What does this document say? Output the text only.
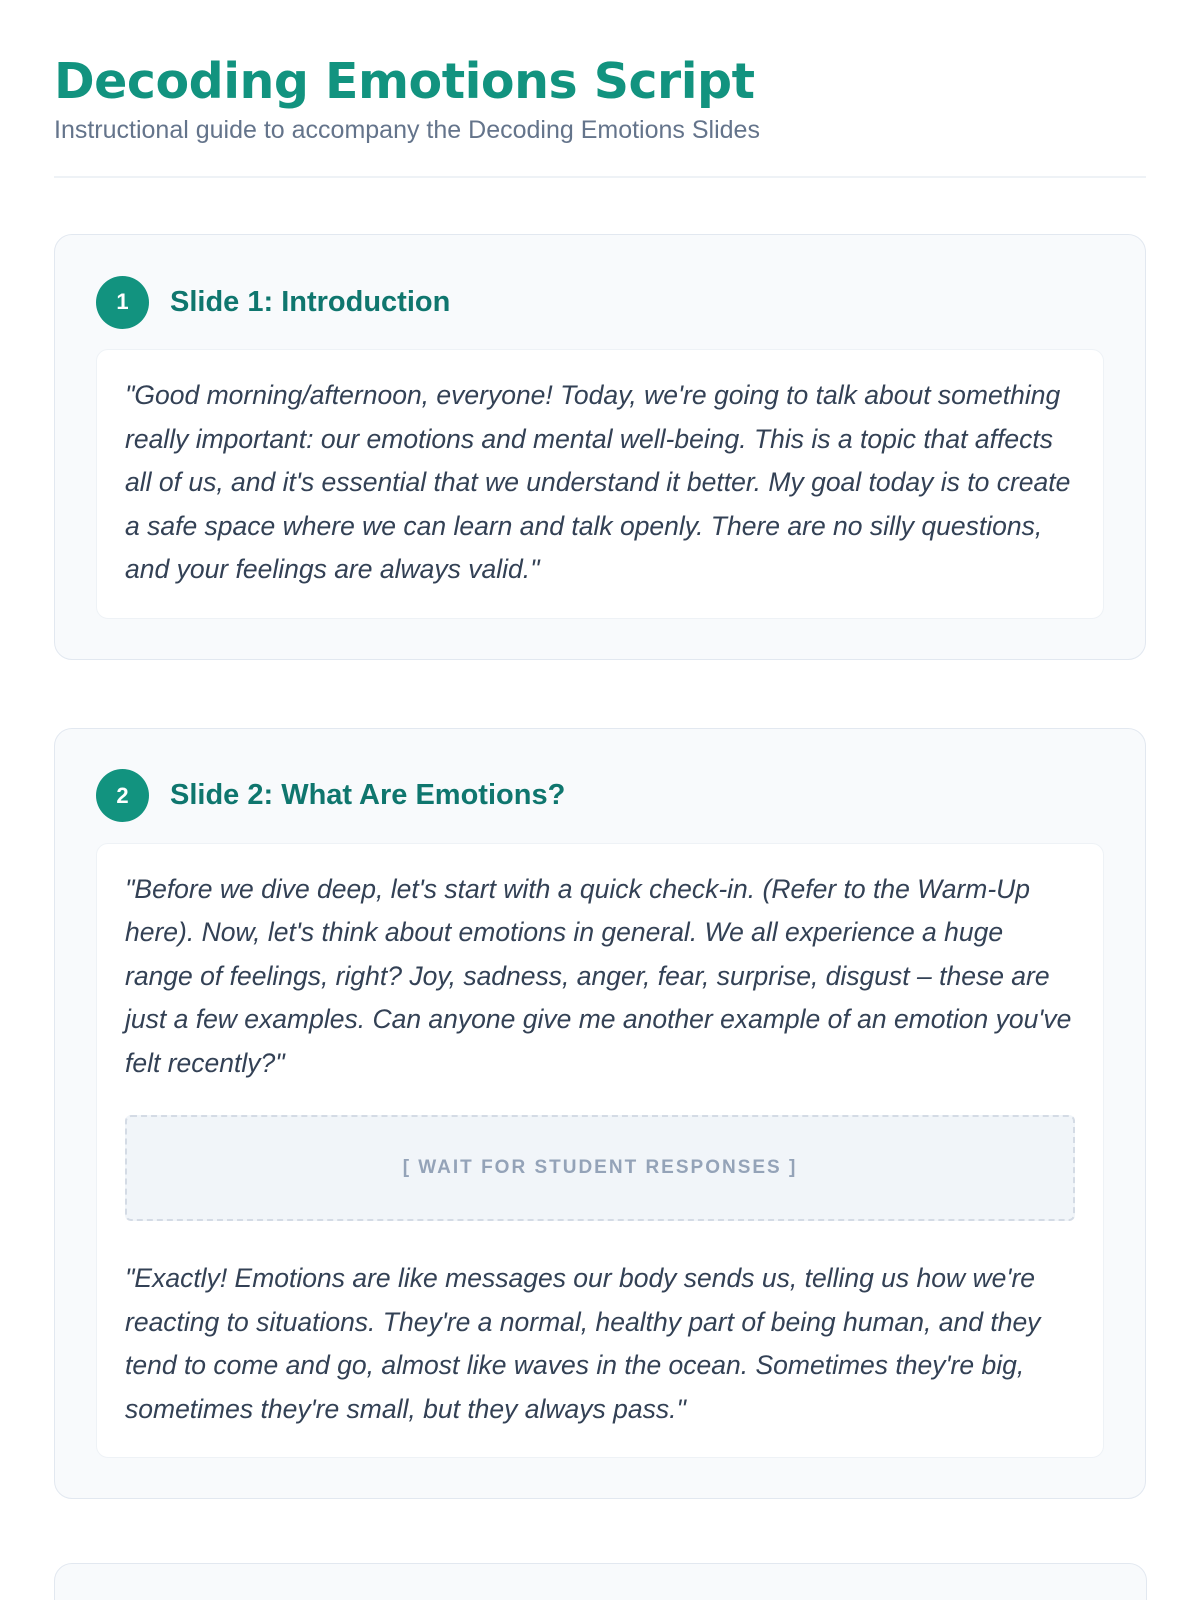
Decoding Emotions Script

Instructional guide to accompany the Decoding Emotions Slides

1	Slide 1: Introduction

"Good morning/afternoon, everyone! Today, we're going to talk about something really important: our emotions and mental well-being. This is a topic that affects all of us, and it's essential that we understand it better. My goal today is to create a safe space where we can learn and talk openly. There are no silly questions, and your feelings are always valid."

2	Slide 2: What Are Emotions?

"Before we dive deep, let's start with a quick check-in. (Refer to the Warm-Up here). Now, let's think about emotions in general. We all experience a huge range of feelings, right? Joy, sadness, anger, fear, surprise, disgust – these are just a few examples. Can anyone give me another example of an emotion you've felt recently?"

[ WAIT FOR STUDENT RESPONSES ]

"Exactly! Emotions are like messages our body sends us, telling us how we're reacting to situations. They're a normal, healthy part of being human, and they tend to come and go, almost like waves in the ocean. Sometimes they're big, sometimes they're small, but they always pass."
